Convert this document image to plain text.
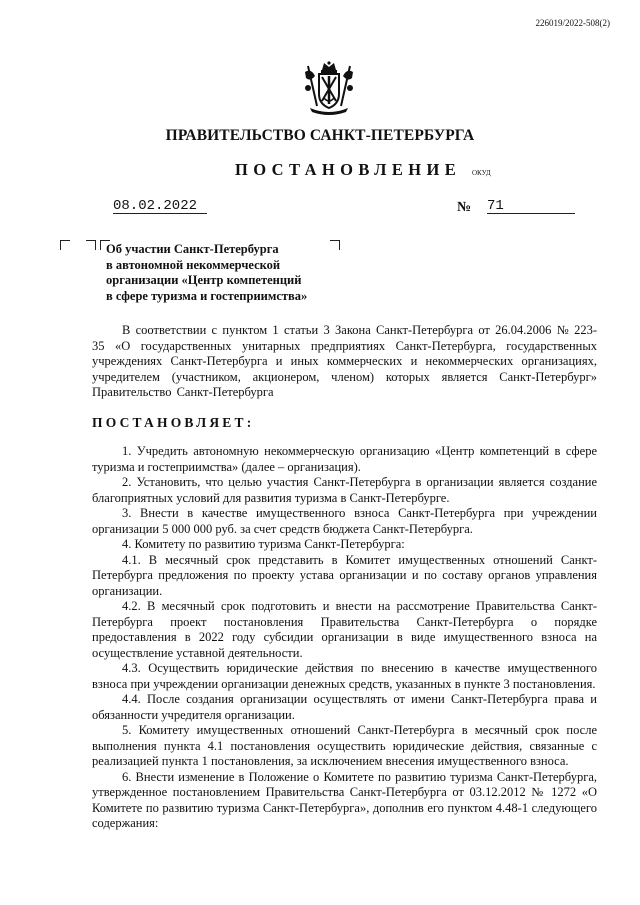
226019/2022-508(2)
ПРАВИТЕЛЬСТВО САНКТ-ПЕТЕРБУРГА
ПОСТАНОВЛЕНИЕ ОКУД
08.02.2022	№ 71
Об участии Санкт-Петербурга
в автономной некоммерческой
организации «Центр компетенций
в сфере туризма и гостеприимства»

В соответствии с пунктом 1 статьи 3 Закона Санкт-Петербурга от 26.04.2006 № 223-35 «О государственных унитарных предприятиях Санкт-Петербурга, государственных учреждениях Санкт-Петербурга и иных коммерческих и некоммерческих организациях, учредителем (участником, акционером, членом) которых является Санкт-Петербург» Правительство Санкт-Петербурга

ПОСТАНОВЛЯЕТ:

1. Учредить автономную некоммерческую организацию «Центр компетенций в сфере туризма и гостеприимства» (далее – организация).

2. Установить, что целью участия Санкт-Петербурга в организации является создание благоприятных условий для развития туризма в Санкт-Петербурге.

3. Внести в качестве имущественного взноса Санкт-Петербурга при учреждении организации 5 000 000 руб. за счет средств бюджета Санкт-Петербурга.

4. Комитету по развитию туризма Санкт-Петербурга:

4.1. В месячный срок представить в Комитет имущественных отношений Санкт-Петербурга предложения по проекту устава организации и по составу органов управления организации.

4.2. В месячный срок подготовить и внести на рассмотрение Правительства Санкт-Петербурга проект постановления Правительства Санкт-Петербурга о порядке предоставления в 2022 году субсидии организации в виде имущественного взноса на осуществление уставной деятельности.

4.3. Осуществить юридические действия по внесению в качестве имущественного взноса при учреждении организации денежных средств, указанных в пункте 3 постановления.

4.4. После создания организации осуществлять от имени Санкт-Петербурга права и обязанности учредителя организации.

5. Комитету имущественных отношений Санкт-Петербурга в месячный срок после выполнения пункта 4.1 постановления осуществить юридические действия, связанные с реализацией пункта 1 постановления, за исключением внесения имущественного взноса.

6. Внести изменение в Положение о Комитете по развитию туризма Санкт-Петербурга, утвержденное постановлением Правительства Санкт-Петербурга от 03.12.2012 № 1272 «О Комитете по развитию туризма Санкт-Петербурга», дополнив его пунктом 4.48-1 следующего содержания:
